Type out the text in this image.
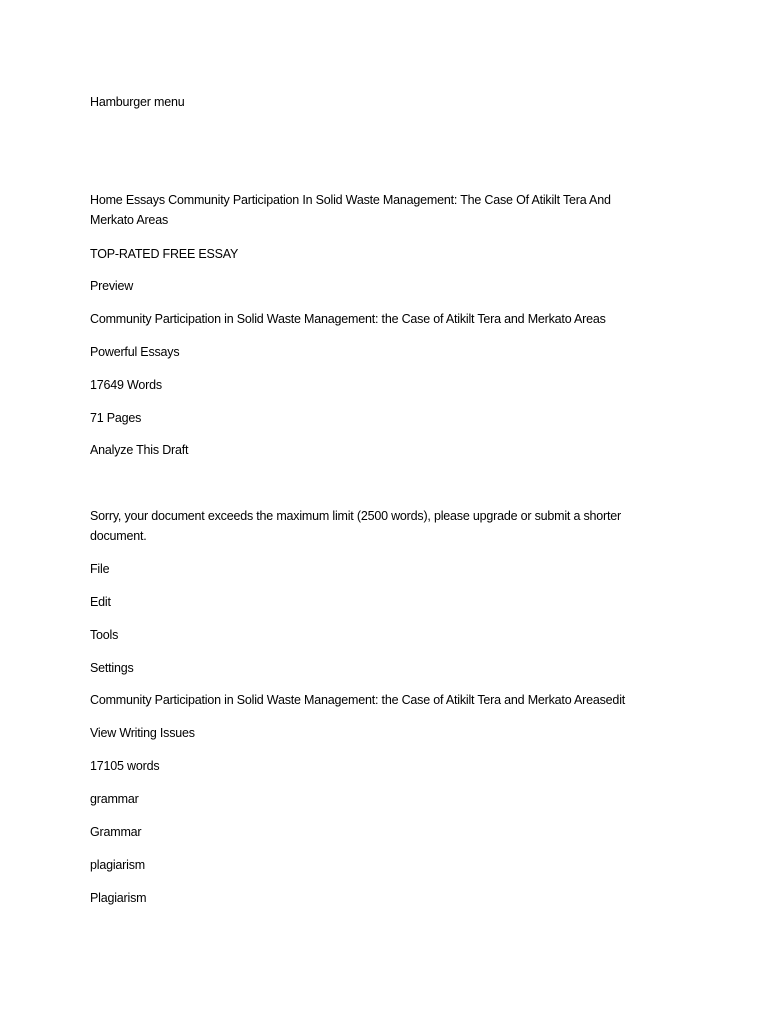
Hamburger menu
Home Essays Community Participation In Solid Waste Management: The Case Of Atikilt Tera And Merkato Areas
TOP-RATED FREE ESSAY
Preview
Community Participation in Solid Waste Management: the Case of Atikilt Tera and Merkato Areas
Powerful Essays
17649 Words
71 Pages
Analyze This Draft
Sorry, your document exceeds the maximum limit (2500 words), please upgrade or submit a shorter document.
File
Edit
Tools
Settings
Community Participation in Solid Waste Management: the Case of Atikilt Tera and Merkato Areasedit
View Writing Issues
17105 words
grammar
Grammar
plagiarism
Plagiarism
